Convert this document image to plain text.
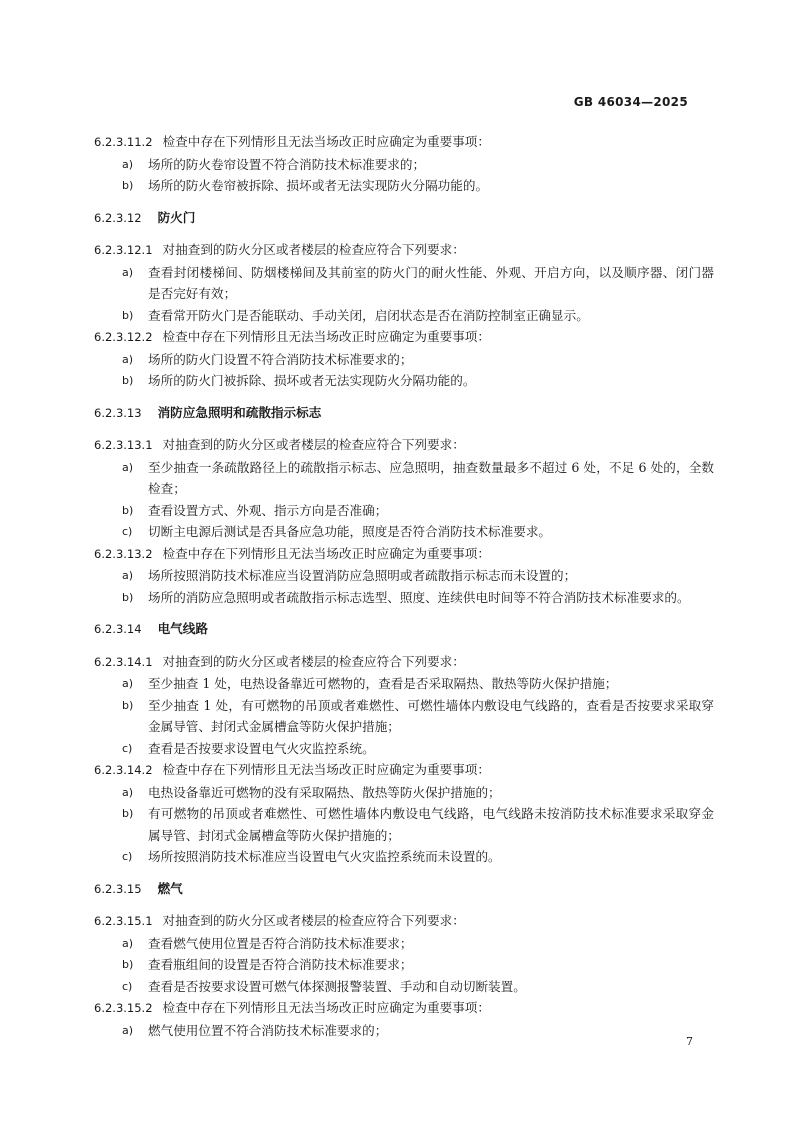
GB 46034—2025
6.2.3.11.2 检查中存在下列情形且无法当场改正时应确定为重要事项：
a) 场所的防火卷帘设置不符合消防技术标准要求的；
b) 场所的防火卷帘被拆除、损坏或者无法实现防火分隔功能的。
6.2.3.12 防火门
6.2.3.12.1 对抽查到的防火分区或者楼层的检查应符合下列要求：
a) 查看封闭楼梯间、防烟楼梯间及其前室的防火门的耐火性能、外观、开启方向，以及顺序器、闭门器是否完好有效；
b) 查看常开防火门是否能联动、手动关闭，启闭状态是否在消防控制室正确显示。
6.2.3.12.2 检查中存在下列情形且无法当场改正时应确定为重要事项：
a) 场所的防火门设置不符合消防技术标准要求的；
b) 场所的防火门被拆除、损坏或者无法实现防火分隔功能的。
6.2.3.13 消防应急照明和疏散指示标志
6.2.3.13.1 对抽查到的防火分区或者楼层的检查应符合下列要求：
a) 至少抽查一条疏散路径上的疏散指示标志、应急照明，抽查数量最多不超过 6 处，不足 6 处的，全数检查；
b) 查看设置方式、外观、指示方向是否准确；
c) 切断主电源后测试是否具备应急功能，照度是否符合消防技术标准要求。
6.2.3.13.2 检查中存在下列情形且无法当场改正时应确定为重要事项：
a) 场所按照消防技术标准应当设置消防应急照明或者疏散指示标志而未设置的；
b) 场所的消防应急照明或者疏散指示标志选型、照度、连续供电时间等不符合消防技术标准要求的。
6.2.3.14 电气线路
6.2.3.14.1 对抽查到的防火分区或者楼层的检查应符合下列要求：
a) 至少抽查 1 处，电热设备靠近可燃物的，查看是否采取隔热、散热等防火保护措施；
b) 至少抽查 1 处，有可燃物的吊顶或者难燃性、可燃性墙体内敷设电气线路的，查看是否按要求采取穿金属导管、封闭式金属槽盒等防火保护措施；
c) 查看是否按要求设置电气火灾监控系统。
6.2.3.14.2 检查中存在下列情形且无法当场改正时应确定为重要事项：
a) 电热设备靠近可燃物的没有采取隔热、散热等防火保护措施的；
b) 有可燃物的吊顶或者难燃性、可燃性墙体内敷设电气线路，电气线路未按消防技术标准要求采取穿金属导管、封闭式金属槽盒等防火保护措施的；
c) 场所按照消防技术标准应当设置电气火灾监控系统而未设置的。
6.2.3.15 燃气
6.2.3.15.1 对抽查到的防火分区或者楼层的检查应符合下列要求：
a) 查看燃气使用位置是否符合消防技术标准要求；
b) 查看瓶组间的设置是否符合消防技术标准要求；
c) 查看是否按要求设置可燃气体探测报警装置、手动和自动切断装置。
6.2.3.15.2 检查中存在下列情形且无法当场改正时应确定为重要事项：
a) 燃气使用位置不符合消防技术标准要求的；
7
